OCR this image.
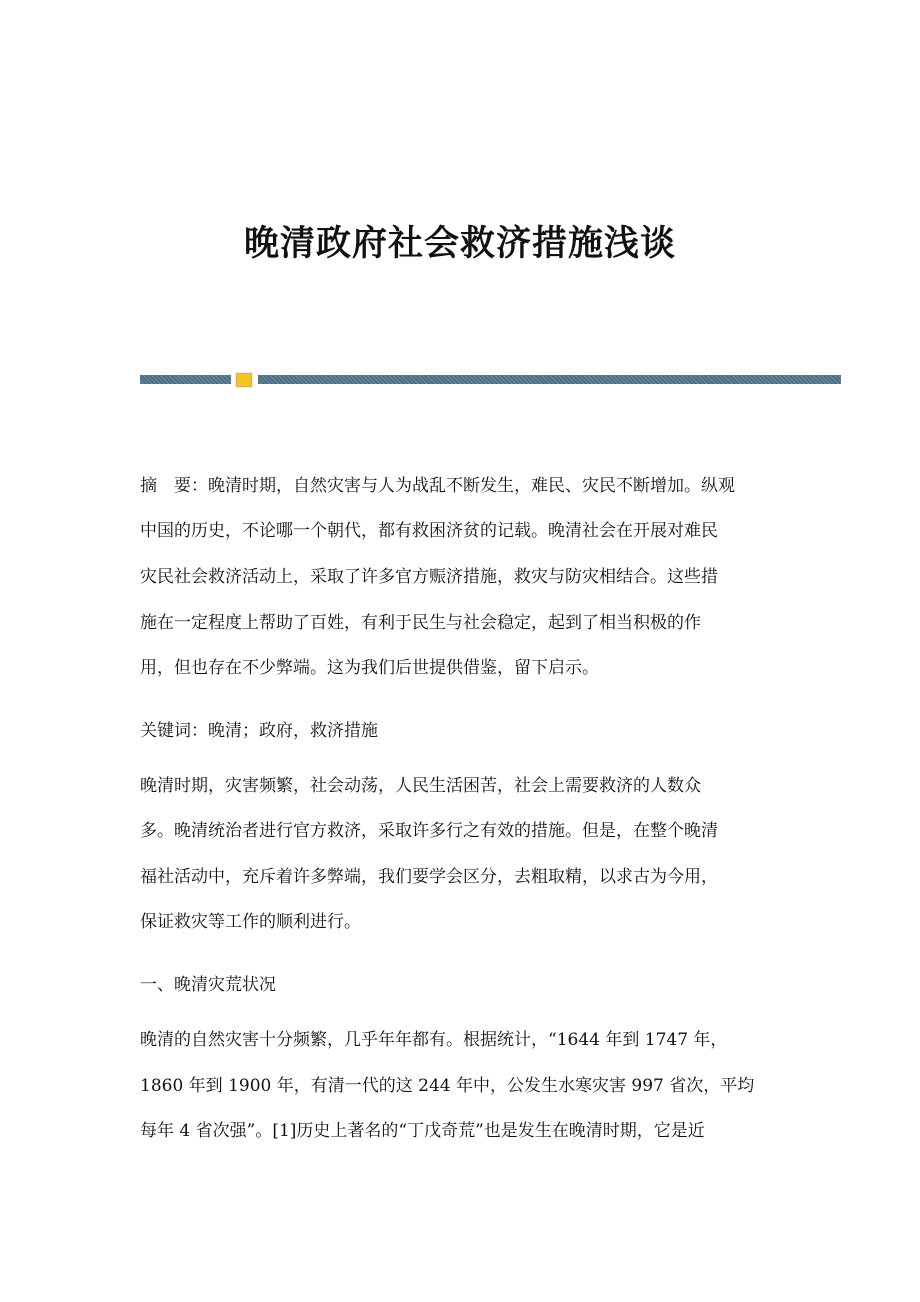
晚清政府社会救济措施浅谈
摘　要：晚清时期，自然灾害与人为战乱不断发生，难民、灾民不断增加。纵观
中国的历史，不论哪一个朝代，都有救困济贫的记载。晚清社会在开展对难民
灾民社会救济活动上，采取了许多官方赈济措施，救灾与防灾相结合。这些措
施在一定程度上帮助了百姓，有利于民生与社会稳定，起到了相当积极的作
用，但也存在不少弊端。这为我们后世提供借鉴，留下启示。
关键词：晚清；政府，救济措施
晚清时期，灾害频繁，社会动荡，人民生活困苦，社会上需要救济的人数众
多。晚清统治者进行官方救济，采取许多行之有效的措施。但是，在整个晚清
福社活动中，充斥着许多弊端，我们要学会区分，去粗取精，以求古为今用，
保证救灾等工作的顺利进行。
一、晚清灾荒状况
晚清的自然灾害十分频繁，几乎年年都有。根据统计，“1644 年到 1747 年，
1860 年到 1900 年，有清一代的这 244 年中，公发生水寒灾害 997 省次，平均
每年 4 省次强”。[1]历史上著名的“丁戊奇荒”也是发生在晚清时期，它是近
